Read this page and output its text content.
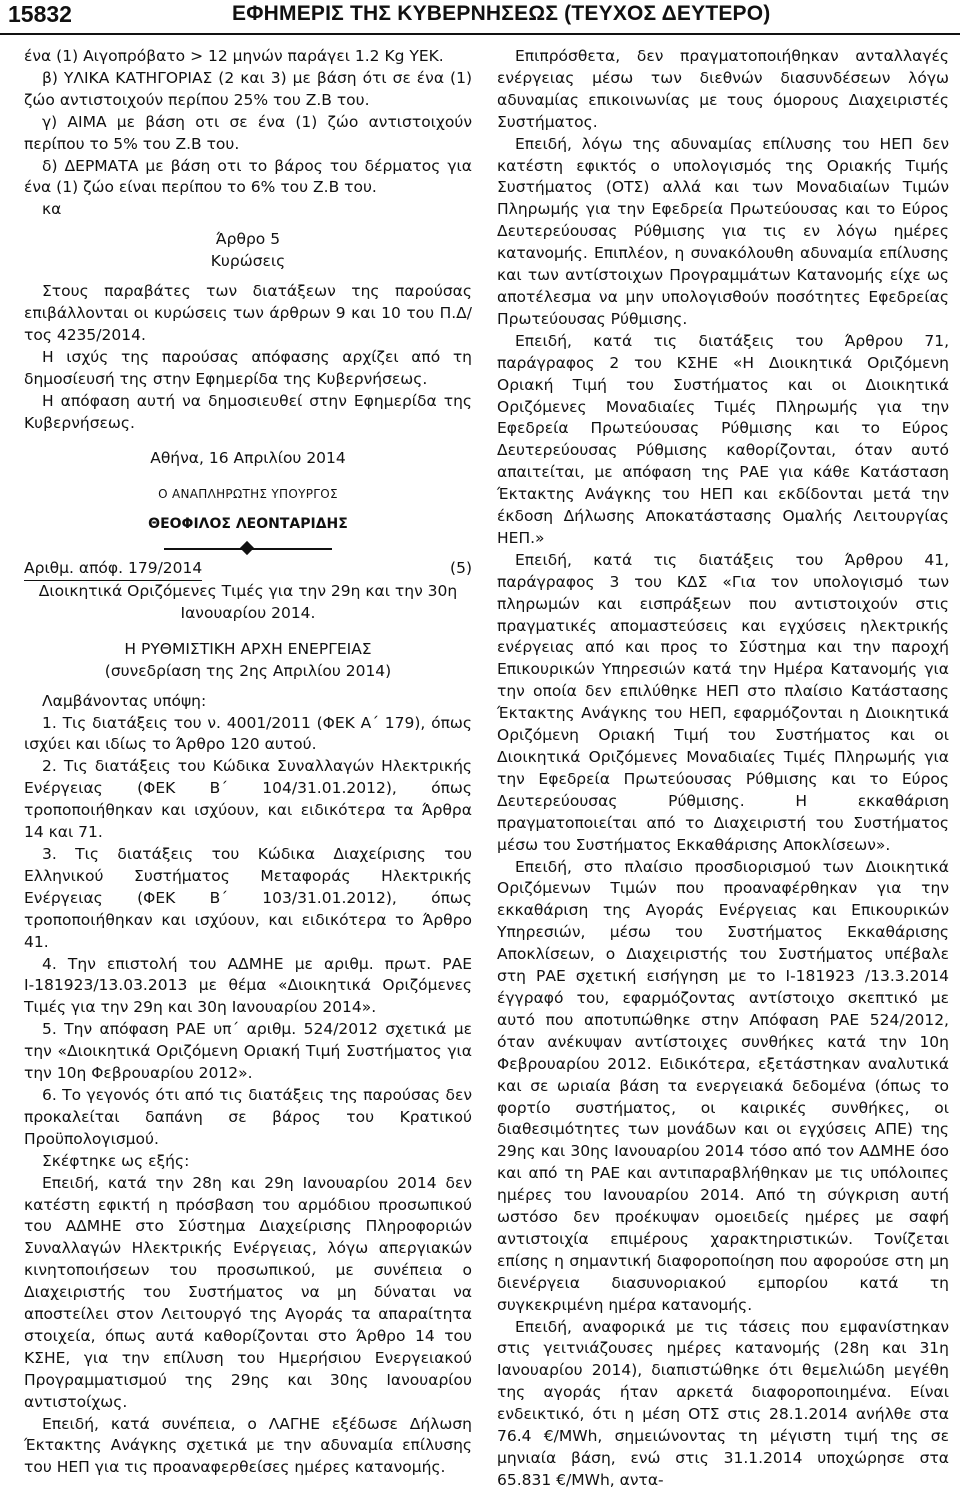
15832	ΕΦΗΜΕΡΙΣ ΤΗΣ ΚΥΒΕΡΝΗΣΕΩΣ (ΤΕΥΧΟΣ ΔΕΥΤΕΡΟ)

ένα (1) Αιγοπρόβατο > 12 μηνών παράγει 1.2 Kg ΥΕΚ.

β) ΥΛΙΚΑ ΚΑΤΗΓΟΡΙΑΣ (2 και 3) με βάση ότι σε ένα (1) ζώο αντιστοιχούν περίπου 25% του Ζ.Β του.

γ) ΑΙΜΑ με βάση οτι σε ένα (1) ζώο αντιστοιχούν περίπου το 5% του Ζ.Β του.

δ) ΔΕΡΜΑΤΑ με βάση οτι το βάρος του δέρματος για ένα (1) ζώο είναι περίπου το 6% του Ζ.Β του.

κα

Άρθρο 5

Κυρώσεις

Στους παραβάτες των διατάξεων της παρούσας επιβάλλονται οι κυρώσεις των άρθρων 9 και 10 του Π.Δ/τος 4235/2014.

Η ισχύς της παρούσας απόφασης αρχίζει από τη δημοσίευσή της στην Εφημερίδα της Κυβερνήσεως.

Η απόφαση αυτή να δημοσιευθεί στην Εφημερίδα της Κυβερνήσεως.

Αθήνα, 16 Απριλίου 2014

Ο ΑΝΑΠΛΗΡΩΤΗΣ ΥΠΟΥΡΓΟΣ

ΘΕΟΦΙΛΟΣ ΛΕΟΝΤΑΡΙΔΗΣ

Αριθμ. απόφ. 179/2014	(5)

Διοικητικά Οριζόμενες Τιμές για την 29η και την 30η Ιανουαρίου 2014.

Η ΡΥΘΜΙΣΤΙΚΗ ΑΡΧΗ ΕΝΕΡΓΕΙΑΣ

(συνεδρίαση της 2ης Απριλίου 2014)

Λαμβάνοντας υπόψη:

1. Τις διατάξεις του ν. 4001/2011 (ΦΕΚ Α΄ 179), όπως ισχύει και ιδίως το Άρθρο 120 αυτού.

2. Τις διατάξεις του Κώδικα Συναλλαγών Ηλεκτρικής Ενέργειας (ΦΕΚ Β΄ 104/31.01.2012), όπως τροποποιήθηκαν και ισχύουν, και ειδικότερα τα Άρθρα 14 και 71.

3. Τις διατάξεις του Κώδικα Διαχείρισης του Ελληνικού Συστήματος Μεταφοράς Ηλεκτρικής Ενέργειας (ΦΕΚ Β΄ 103/31.01.2012), όπως τροποποιήθηκαν και ισχύουν, και ειδικότερα το Άρθρο 41.

4. Την επιστολή του ΑΔΜΗΕ με αριθμ. πρωτ. ΡΑΕ Ι-181923/13.03.2013 με θέμα «Διοικητικά Οριζόμενες Τιμές για την 29η και 30η Ιανουαρίου 2014».

5. Την απόφαση ΡΑΕ υπ΄ αριθμ. 524/2012 σχετικά με την «Διοικητικά Οριζόμενη Οριακή Τιμή Συστήματος για την 10η Φεβρουαρίου 2012».

6. Το γεγονός ότι από τις διατάξεις της παρούσας δεν προκαλείται δαπάνη σε βάρος του Κρατικού Προϋπολογισμού.

Σκέφτηκε ως εξής:

Επειδή, κατά την 28η και 29η Ιανουαρίου 2014 δεν κατέστη εφικτή η πρόσβαση του αρμόδιου προσωπικού του ΑΔΜΗΕ στο Σύστημα Διαχείρισης Πληροφοριών Συναλλαγών Ηλεκτρικής Ενέργειας, λόγω απεργιακών κινητοποιήσεων του προσωπικού, με συνέπεια ο Διαχειριστής του Συστήματος να μη δύναται να αποστείλει στον Λειτουργό της Αγοράς τα απαραίτητα στοιχεία, όπως αυτά καθορίζονται στο Άρθρο 14 του ΚΣΗΕ, για την επίλυση του Ημερήσιου Ενεργειακού Προγραμματισμού της 29ης και 30ης Ιανουαρίου αντιστοίχως.

Επειδή, κατά συνέπεια, ο ΛΑΓΗΕ εξέδωσε Δήλωση Έκτακτης Ανάγκης σχετικά με την αδυναμία επίλυσης του ΗΕΠ για τις προαναφερθείσες ημέρες κατανομής.

Επιπρόσθετα, δεν πραγματοποιήθηκαν ανταλλαγές ενέργειας μέσω των διεθνών διασυνδέσεων λόγω αδυναμίας επικοινωνίας με τους όμορους Διαχειριστές Συστήματος.

Επειδή, λόγω της αδυναμίας επίλυσης του ΗΕΠ δεν κατέστη εφικτός ο υπολογισμός της Οριακής Τιμής Συστήματος (ΟΤΣ) αλλά και των Μοναδιαίων Τιμών Πληρωμής για την Εφεδρεία Πρωτεύουσας και το Εύρος Δευτερεύουσας Ρύθμισης για τις εν λόγω ημέρες κατανομής. Επιπλέον, η συνακόλουθη αδυναμία επίλυσης και των αντίστοιχων Προγραμμάτων Κατανομής είχε ως αποτέλεσμα να μην υπολογισθούν ποσότητες Εφεδρείας Πρωτεύουσας Ρύθμισης.

Επειδή, κατά τις διατάξεις του Άρθρου 71, παράγραφος 2 του ΚΣΗΕ «Η Διοικητικά Οριζόμενη Οριακή Τιμή του Συστήματος και οι Διοικητικά Οριζόμενες Μοναδιαίες Τιμές Πληρωμής για την Εφεδρεία Πρωτεύουσας Ρύθμισης και το Εύρος Δευτερεύουσας Ρύθμισης καθορίζονται, όταν αυτό απαιτείται, με απόφαση της ΡΑΕ για κάθε Κατάσταση Έκτακτης Ανάγκης του ΗΕΠ και εκδίδονται μετά την έκδοση Δήλωσης Αποκατάστασης Ομαλής Λειτουργίας ΗΕΠ.»

Επειδή, κατά τις διατάξεις του Άρθρου 41, παράγραφος 3 του ΚΔΣ «Για τον υπολογισμό των πληρωμών και εισπράξεων που αντιστοιχούν στις πραγματικές απομαστεύσεις και εγχύσεις ηλεκτρικής ενέργειας από και προς το Σύστημα και την παροχή Επικουρικών Υπηρεσιών κατά την Ημέρα Κατανομής για την οποία δεν επιλύθηκε ΗΕΠ στο πλαίσιο Κατάστασης Έκτακτης Ανάγκης του ΗΕΠ, εφαρμόζονται η Διοικητικά Οριζόμενη Οριακή Τιμή του Συστήματος και οι Διοικητικά Οριζόμενες Μοναδιαίες Τιμές Πληρωμής για την Εφεδρεία Πρωτεύουσας Ρύθμισης και το Εύρος Δευτερεύουσας Ρύθμισης. Η εκκαθάριση πραγματοποιείται από το Διαχειριστή του Συστήματος μέσω του Συστήματος Εκκαθάρισης Αποκλίσεων».

Επειδή, στο πλαίσιο προσδιορισμού των Διοικητικά Οριζόμενων Τιμών που προαναφέρθηκαν για την εκκαθάριση της Αγοράς Ενέργειας και Επικουρικών Υπηρεσιών, μέσω του Συστήματος Εκκαθάρισης Αποκλίσεων, ο Διαχειριστής του Συστήματος υπέβαλε στη ΡΑΕ σχετική εισήγηση με το Ι-181923 /13.3.2014 έγγραφό του, εφαρμόζοντας αντίστοιχο σκεπτικό με αυτό που αποτυπώθηκε στην Απόφαση ΡΑΕ 524/2012, όταν ανέκυψαν αντίστοιχες συνθήκες κατά την 10η Φεβρουαρίου 2012. Ειδικότερα, εξετάστηκαν αναλυτικά και σε ωριαία βάση τα ενεργειακά δεδομένα (όπως το φορτίο συστήματος, οι καιρικές συνθήκες, οι διαθεσιμότητες των μονάδων και οι εγχύσεις ΑΠΕ) της 29ης και 30ης Ιανουαρίου 2014 τόσο από τον ΑΔΜΗΕ όσο και από τη ΡΑΕ και αντιπαραβλήθηκαν με τις υπόλοιπες ημέρες του Ιανουαρίου 2014. Από τη σύγκριση αυτή ωστόσο δεν προέκυψαν ομοειδείς ημέρες με σαφή αντιστοιχία επιμέρους χαρακτηριστικών. Τονίζεται επίσης η σημαντική διαφοροποίηση που αφορούσε στη μη διενέργεια διασυνοριακού εμπορίου κατά τη συγκεκριμένη ημέρα κατανομής.

Επειδή, αναφορικά με τις τάσεις που εμφανίστηκαν στις γειτνιάζουσες ημέρες κατανομής (28η και 31η Ιανουαρίου 2014), διαπιστώθηκε ότι θεμελιώδη μεγέθη της αγοράς ήταν αρκετά διαφοροποιημένα. Είναι ενδεικτικό, ότι η μέση ΟΤΣ στις 28.1.2014 ανήλθε στα 76.4 €/MWh, σημειώνοντας τη μέγιστη τιμή της σε μηνιαία βάση, ενώ στις 31.1.2014 υποχώρησε στα 65.831 €/MWh, αντα-
